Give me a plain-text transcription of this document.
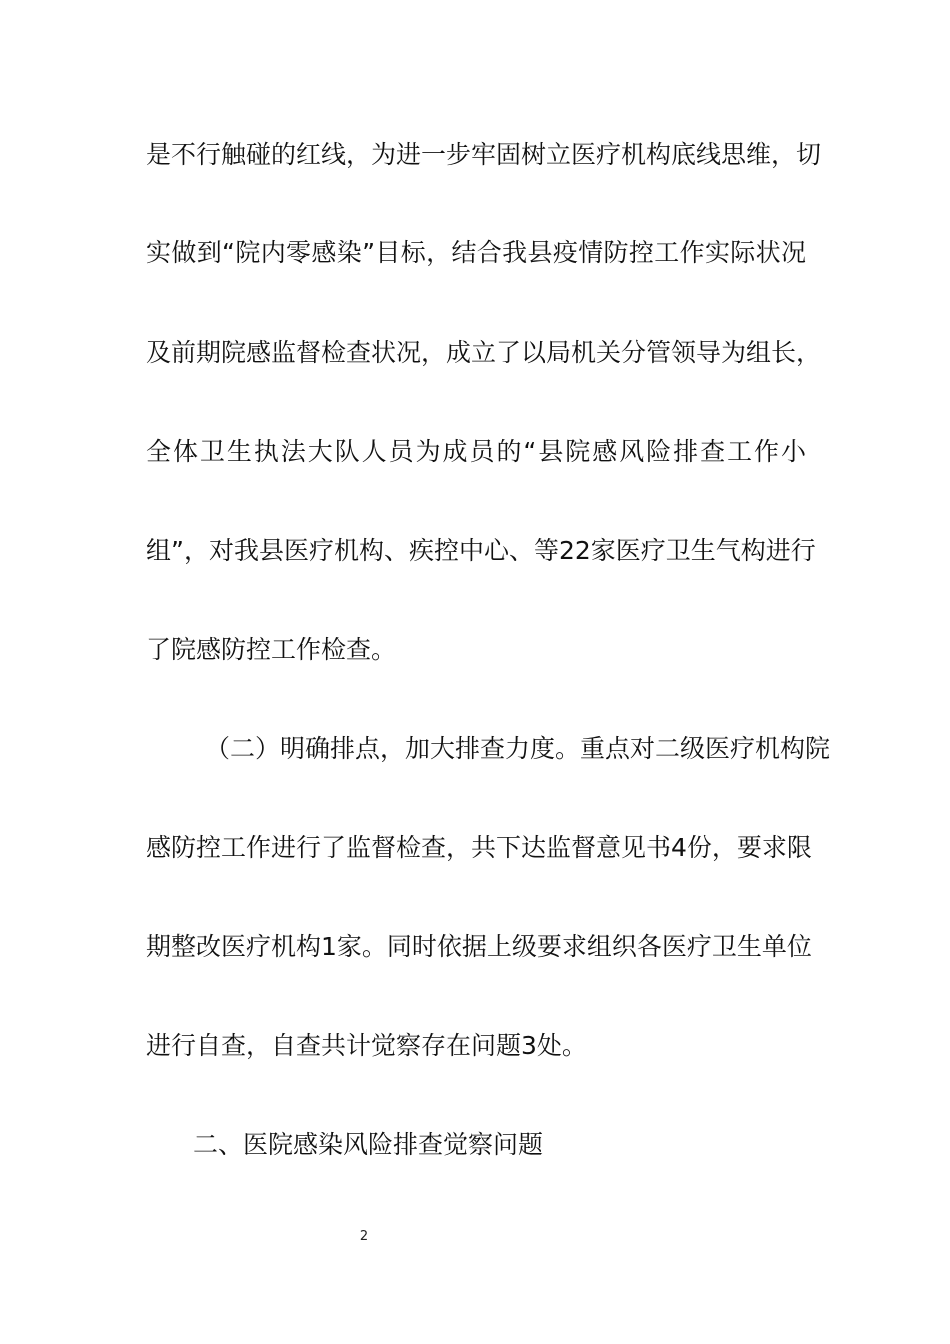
是不行触碰的红线，为进一步牢固树立医疗机构底线思维，切
实做到“院内零感染”目标，结合我县疫情防控工作实际状况
及前期院感监督检查状况，成立了以局机关分管领导为组长，
全体卫生执法大队人员为成员的“县院感风险排查工作小
组”，对我县医疗机构、疾控中心、等22家医疗卫生气构进行
了院感防控工作检查。
（二）明确排点，加大排查力度。重点对二级医疗机构院
感防控工作进行了监督检查，共下达监督意见书4份，要求限
期整改医疗机构1家。同时依据上级要求组织各医疗卫生单位
进行自查，自查共计觉察存在问题3处。
二、医院感染风险排查觉察问题
2
